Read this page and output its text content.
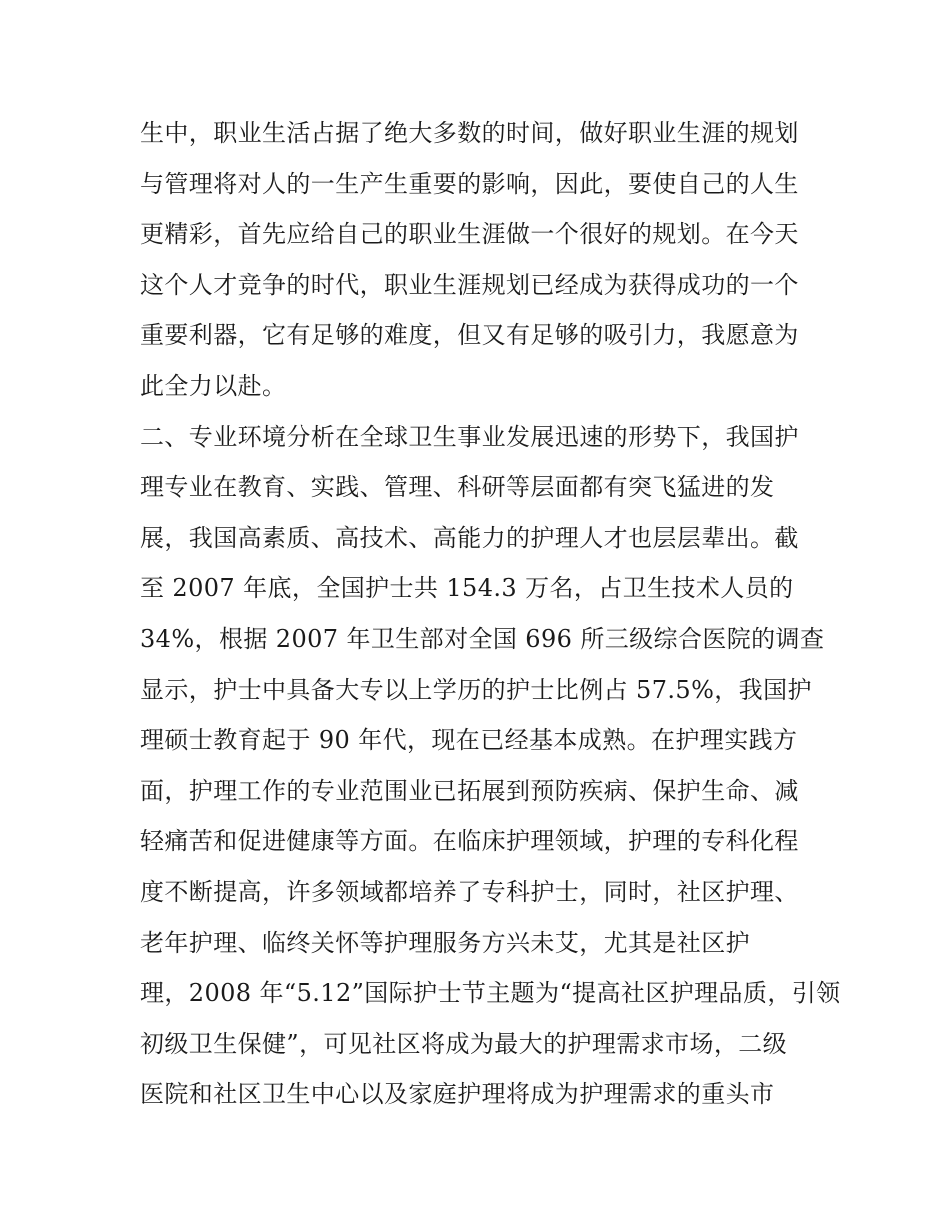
生中，职业生活占据了绝大多数的时间，做好职业生涯的规划
与管理将对人的一生产生重要的影响，因此，要使自己的人生
更精彩，首先应给自己的职业生涯做一个很好的规划。在今天
这个人才竞争的时代，职业生涯规划已经成为获得成功的一个
重要利器，它有足够的难度，但又有足够的吸引力，我愿意为
此全力以赴。
二、专业环境分析在全球卫生事业发展迅速的形势下，我国护
理专业在教育、实践、管理、科研等层面都有突飞猛进的发
展，我国高素质、高技术、高能力的护理人才也层层辈出。截
至 2007 年底，全国护士共 154.3 万名，占卫生技术人员的
34%，根据 2007 年卫生部对全国 696 所三级综合医院的调查
显示，护士中具备大专以上学历的护士比例占 57.5%，我国护
理硕士教育起于 90 年代，现在已经基本成熟。在护理实践方
面，护理工作的专业范围业已拓展到预防疾病、保护生命、减
轻痛苦和促进健康等方面。在临床护理领域，护理的专科化程
度不断提高，许多领域都培养了专科护士，同时，社区护理、
老年护理、临终关怀等护理服务方兴未艾，尤其是社区护
理，2008 年“5.12”国际护士节主题为“提高社区护理品质，引领
初级卫生保健”，可见社区将成为最大的护理需求市场，二级
医院和社区卫生中心以及家庭护理将成为护理需求的重头市
